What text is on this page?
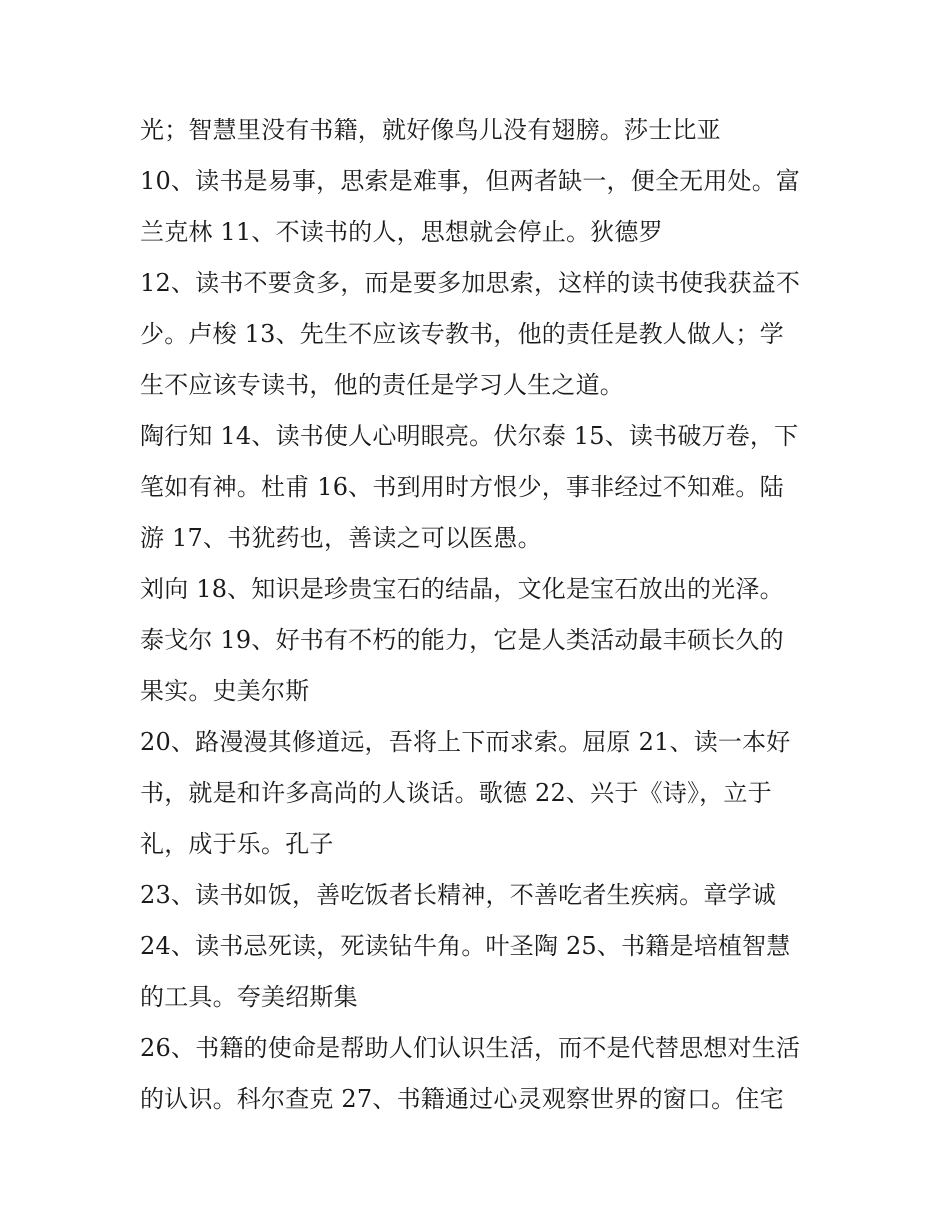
光；智慧里没有书籍，就好像鸟儿没有翅膀。莎士比亚
10、读书是易事，思索是难事，但两者缺一，便全无用处。富
兰克林 11、不读书的人，思想就会停止。狄德罗
12、读书不要贪多，而是要多加思索，这样的读书使我获益不
少。卢梭 13、先生不应该专教书，他的责任是教人做人；学
生不应该专读书，他的责任是学习人生之道。
陶行知 14、读书使人心明眼亮。伏尔泰 15、读书破万卷，下
笔如有神。杜甫 16、书到用时方恨少，事非经过不知难。陆
游 17、书犹药也，善读之可以医愚。
刘向 18、知识是珍贵宝石的结晶，文化是宝石放出的光泽。
泰戈尔 19、好书有不朽的能力，它是人类活动最丰硕长久的
果实。史美尔斯
20、路漫漫其修道远，吾将上下而求索。屈原 21、读一本好
书，就是和许多高尚的人谈话。歌德 22、兴于《诗》，立于
礼，成于乐。孔子
23、读书如饭，善吃饭者长精神，不善吃者生疾病。章学诚
24、读书忌死读，死读钻牛角。叶圣陶 25、书籍是培植智慧
的工具。夸美绍斯集
26、书籍的使命是帮助人们认识生活，而不是代替思想对生活
的认识。科尔查克 27、书籍通过心灵观察世界的窗口。住宅
